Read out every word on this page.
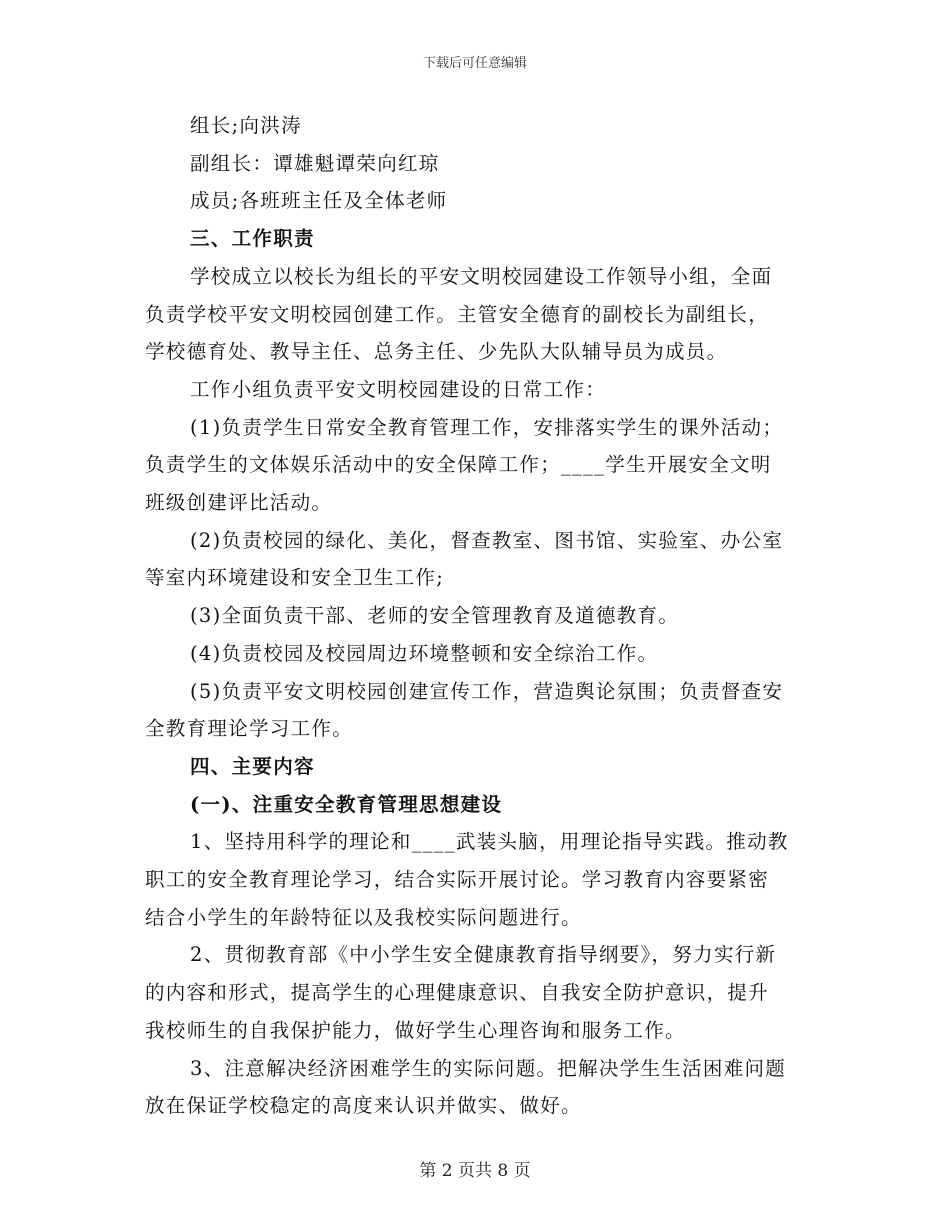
下载后可任意编辑

组长;向洪涛

副组长：谭雄魁谭荣向红琼

成员;各班班主任及全体老师

三、工作职责

学校成立以校长为组长的平安文明校园建设工作领导小组，全面

负责学校平安文明校园创建工作。主管安全德育的副校长为副组长，

学校德育处、教导主任、总务主任、少先队大队辅导员为成员。

工作小组负责平安文明校园建设的日常工作：

(1)负责学生日常安全教育管理工作，安排落实学生的课外活动；

负责学生的文体娱乐活动中的安全保障工作；____学生开展安全文明

班级创建评比活动。

(2)负责校园的绿化、美化，督查教室、图书馆、实验室、办公室

等室内环境建设和安全卫生工作;

(3)全面负责干部、老师的安全管理教育及道德教育。

(4)负责校园及校园周边环境整顿和安全综治工作。

(5)负责平安文明校园创建宣传工作，营造舆论氛围；负责督查安

全教育理论学习工作。

四、主要内容

(一)、注重安全教育管理思想建设

1、坚持用科学的理论和____武装头脑，用理论指导实践。推动教

职工的安全教育理论学习，结合实际开展讨论。学习教育内容要紧密

结合小学生的年龄特征以及我校实际问题进行。

2、贯彻教育部《中小学生安全健康教育指导纲要》，努力实行新

的内容和形式，提高学生的心理健康意识、自我安全防护意识，提升

我校师生的自我保护能力，做好学生心理咨询和服务工作。

3、注意解决经济困难学生的实际问题。把解决学生生活困难问题

放在保证学校稳定的高度来认识并做实、做好。

第 2 页共 8 页
